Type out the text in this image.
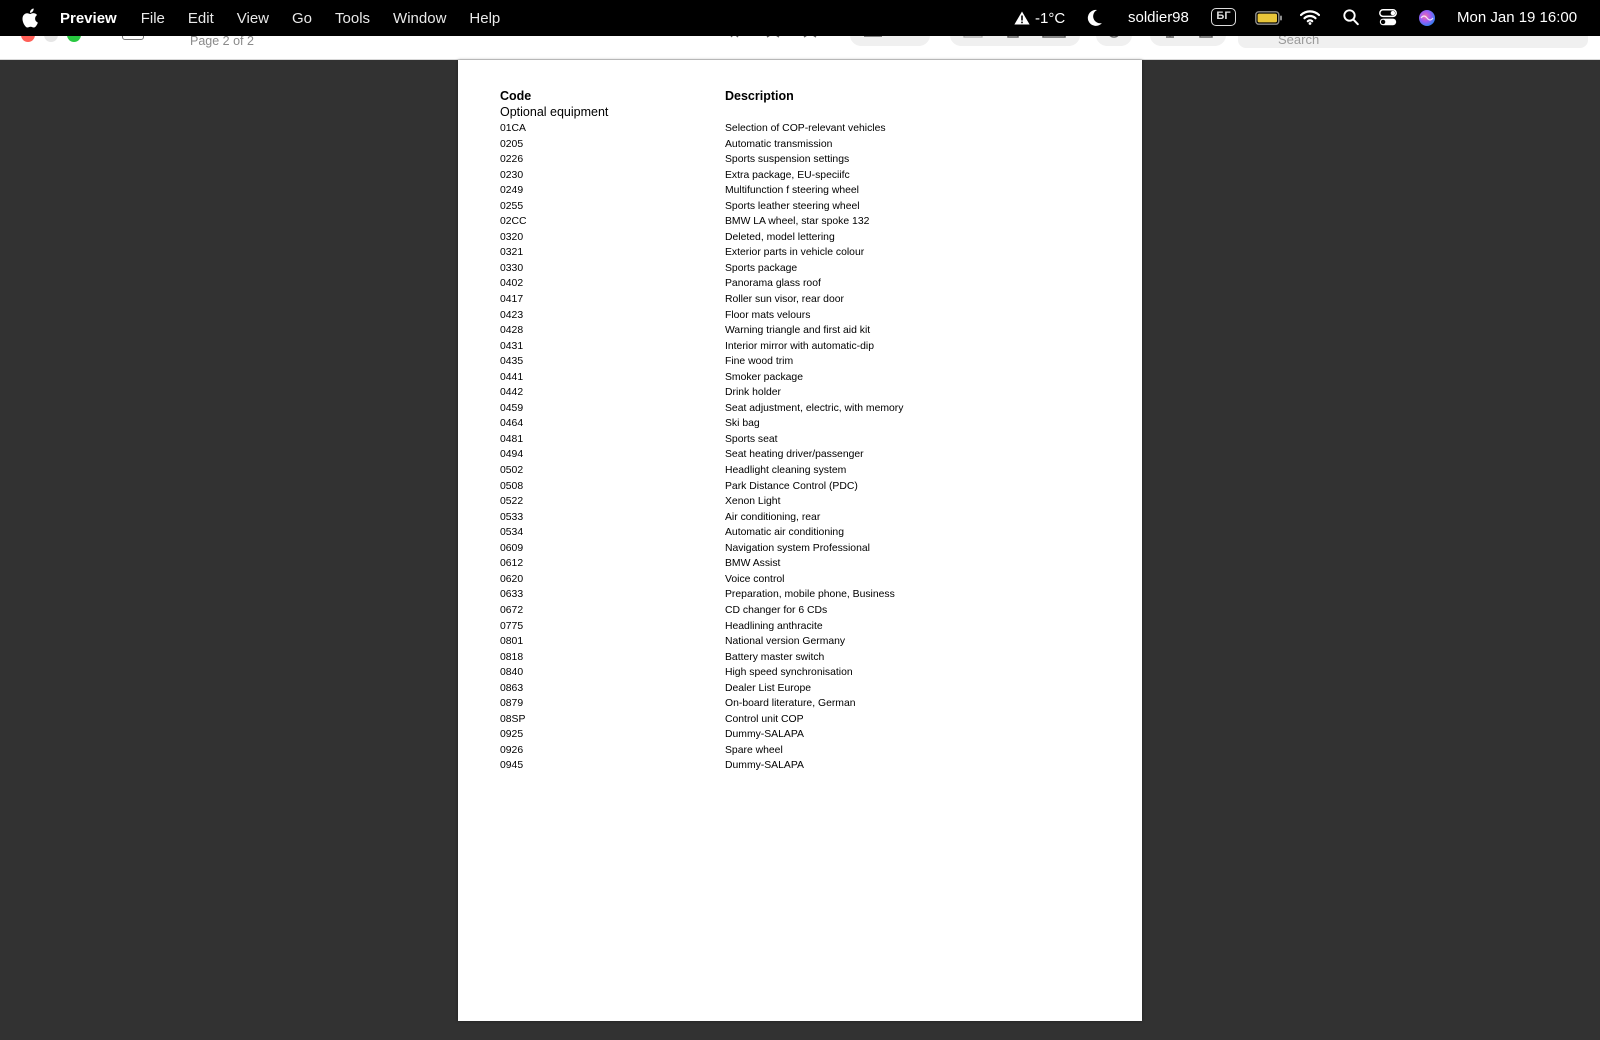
Preview File Edit View Go Tools Window Help	-1°C	soldier98	БГ	Mon Jan 19 16:00
Page 2 of 2	Search
Code	Description
Optional equipment
01CA	Selection of COP-relevant vehicles
0205	Automatic transmission
0226	Sports suspension settings
0230	Extra package, EU-speciifc
0249	Multifunction f steering wheel
0255	Sports leather steering wheel
02CC	BMW LA wheel, star spoke 132
0320	Deleted, model lettering
0321	Exterior parts in vehicle colour
0330	Sports package
0402	Panorama glass roof
0417	Roller sun visor, rear door
0423	Floor mats velours
0428	Warning triangle and first aid kit
0431	Interior mirror with automatic-dip
0435	Fine wood trim
0441	Smoker package
0442	Drink holder
0459	Seat adjustment, electric, with memory
0464	Ski bag
0481	Sports seat
0494	Seat heating driver/passenger
0502	Headlight cleaning system
0508	Park Distance Control (PDC)
0522	Xenon Light
0533	Air conditioning, rear
0534	Automatic air conditioning
0609	Navigation system Professional
0612	BMW Assist
0620	Voice control
0633	Preparation, mobile phone, Business
0672	CD changer for 6 CDs
0775	Headlining anthracite
0801	National version Germany
0818	Battery master switch
0840	High speed synchronisation
0863	Dealer List Europe
0879	On-board literature, German
08SP	Control unit COP
0925	Dummy-SALAPA
0926	Spare wheel
0945	Dummy-SALAPA
